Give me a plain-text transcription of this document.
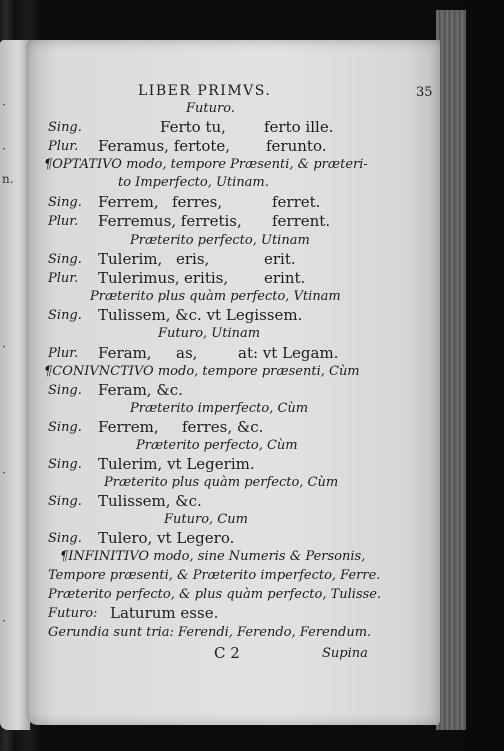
·
·
n.
·
·
·
LIBER PRIMVS.	35
Futuro.
Sing.	Ferto tu,	ferto ille.
Plur. Feramus, fertote, ferunto.
¶OPTATIVO modo, tempore Præsenti, & præteri-
to Imperfecto, Utinam.
Sing. Ferrem, ferres,	ferret.
Plur. Ferremus, ferretis, ferrent.
Præterito perfecto, Utinam
Sing. Tulerim, eris,	erit.
Plur. Tulerimus, eritis, erint.
Præterito plus quàm perfecto, Vtinam
Sing. Tulissem, &c. vt Legissem.
Futuro, Utinam
Plur. Feram, as,	at: vt Legam.
¶CONIVNCTIVO modo, tempore præsenti, Cùm
Sing. Feram, &c.
Præterito imperfecto, Cùm
Sing. Ferrem, ferres, &c.
Præterito perfecto, Cùm
Sing. Tulerim, vt Legerim.
Præterito plus quàm perfecto, Cùm
Sing. Tulissem, &c.
Futuro, Cum
Sing. Tulero, vt Legero.
¶INFINITIVO modo, sine Numeris & Personis,
Tempore præsenti, & Præterito imperfecto, Ferre.
Præterito perfecto, & plus quàm perfecto, Tulisse.
Futuro: Laturum esse.
Gerundia sunt tria: Ferendi, Ferendo, Ferendum.
C 2	Supina
